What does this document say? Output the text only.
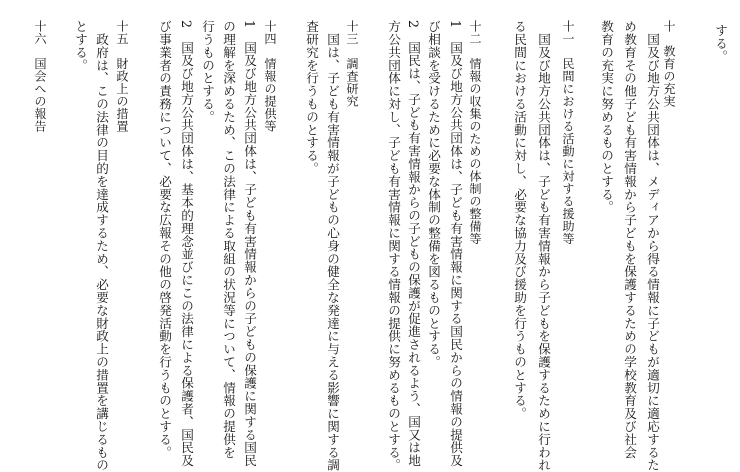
する。
十　教育の充実
　国及び地方公共団体は、メディアから得る情報に子どもが適切に適応するた
め教育その他子ども有害情報から子どもを保護するための学校教育及び社会
教育の充実に努めるものとする。
十一　民間における活動に対する援助等
　国及び地方公共団体は、子ども有害情報から子どもを保護するために行われ
る民間における活動に対し、必要な協力及び援助を行うものとする。
十二　情報の収集のための体制の整備等
1　国及び地方公共団体は、子ども有害情報に関する国民からの情報の提供及
び相談を受けるために必要な体制の整備を図るものとする。
2　国民は、子ども有害情報からの子どもの保護が促進されるよう、国又は地
方公共団体に対し、子ども有害情報に関する情報の提供に努めるものとする。
十三　調査研究
　国は、子ども有害情報が子どもの心身の健全な発達に与える影響に関する調
査研究を行うものとする。
十四　情報の提供等
1　国及び地方公共団体は、子ども有害情報からの子どもの保護に関する国民
の理解を深めるため、この法律による取組の状況等について、情報の提供を
行うものとする。
2　国及び地方公共団体は、基本的理念並びにこの法律による保護者、国民及
び事業者の責務について、必要な広報その他の啓発活動を行うものとする。
十五　財政上の措置
　政府は、この法律の目的を達成するため、必要な財政上の措置を講じるもの
とする。
十六　国会への報告
